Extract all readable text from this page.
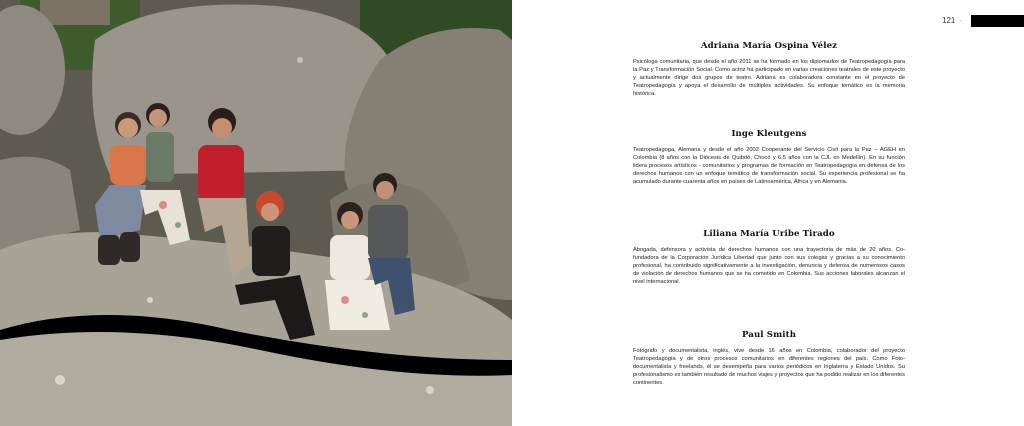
121 ·
Adriana María Ospina Vélez

Psicóloga comunitaria, que desde el año 2011 se ha formado en los diplomados de Teatropedagogía para la Paz y Transformación Social. Como actriz ha participado en varias creaciones teatrales de este proyecto y actualmente dirige dos grupos de teatro. Adriana es colaboradora constante en el proyecto de Teatropedagogía y apoya el desarrollo de múltiples actividades. Su enfoque temático es la memoria histórica.

Inge Kleutgens

Teatropedagoga, Alemana y desde el año 2002 Cooperante del Servicio Civil para la Paz – AGEH en Colombia (8 años con la Diócesis de Quibdó, Chocó y 6,5 años con la CJL en Medellín). En su función lidera procesos artísticos - comunitarios y programas de formación en Teatropedagogía en defensa de los derechos humanos con un enfoque temático de transformación social. Su experiencia profesional se ha acumulado durante cuarenta años en países de Latinoamérica, África y en Alemania.

Liliana María Uribe Tirado

Abogada, defensora y activista de derechos humanos con una trayectoria de más de 20 años. Co-fundadora de la Corporación Jurídica Libertad que junto con sus colegas y gracias a su conocimiento profesional, ha contribuido significativamente a la investigación, denuncia y defensa de numerosos casos de violación de derechos humanos que se ha cometido en Colombia. Sus acciones laborales alcanzan el nivel internacional.

Paul Smith

Fotógrafo y documentalista, inglés, vive desde 16 años en Colombia, colaborador del proyecto Teatropedagogía y de otros procesos comunitarios en diferentes regiones del país. Como Foto- documentalista y freelands, él se desempeña para varios periódicos en Inglaterra y Estado Unidos. Su profesionalismo es también resultado de muchos viajes y proyectos que ha podido realizar en los diferentes continentes.
